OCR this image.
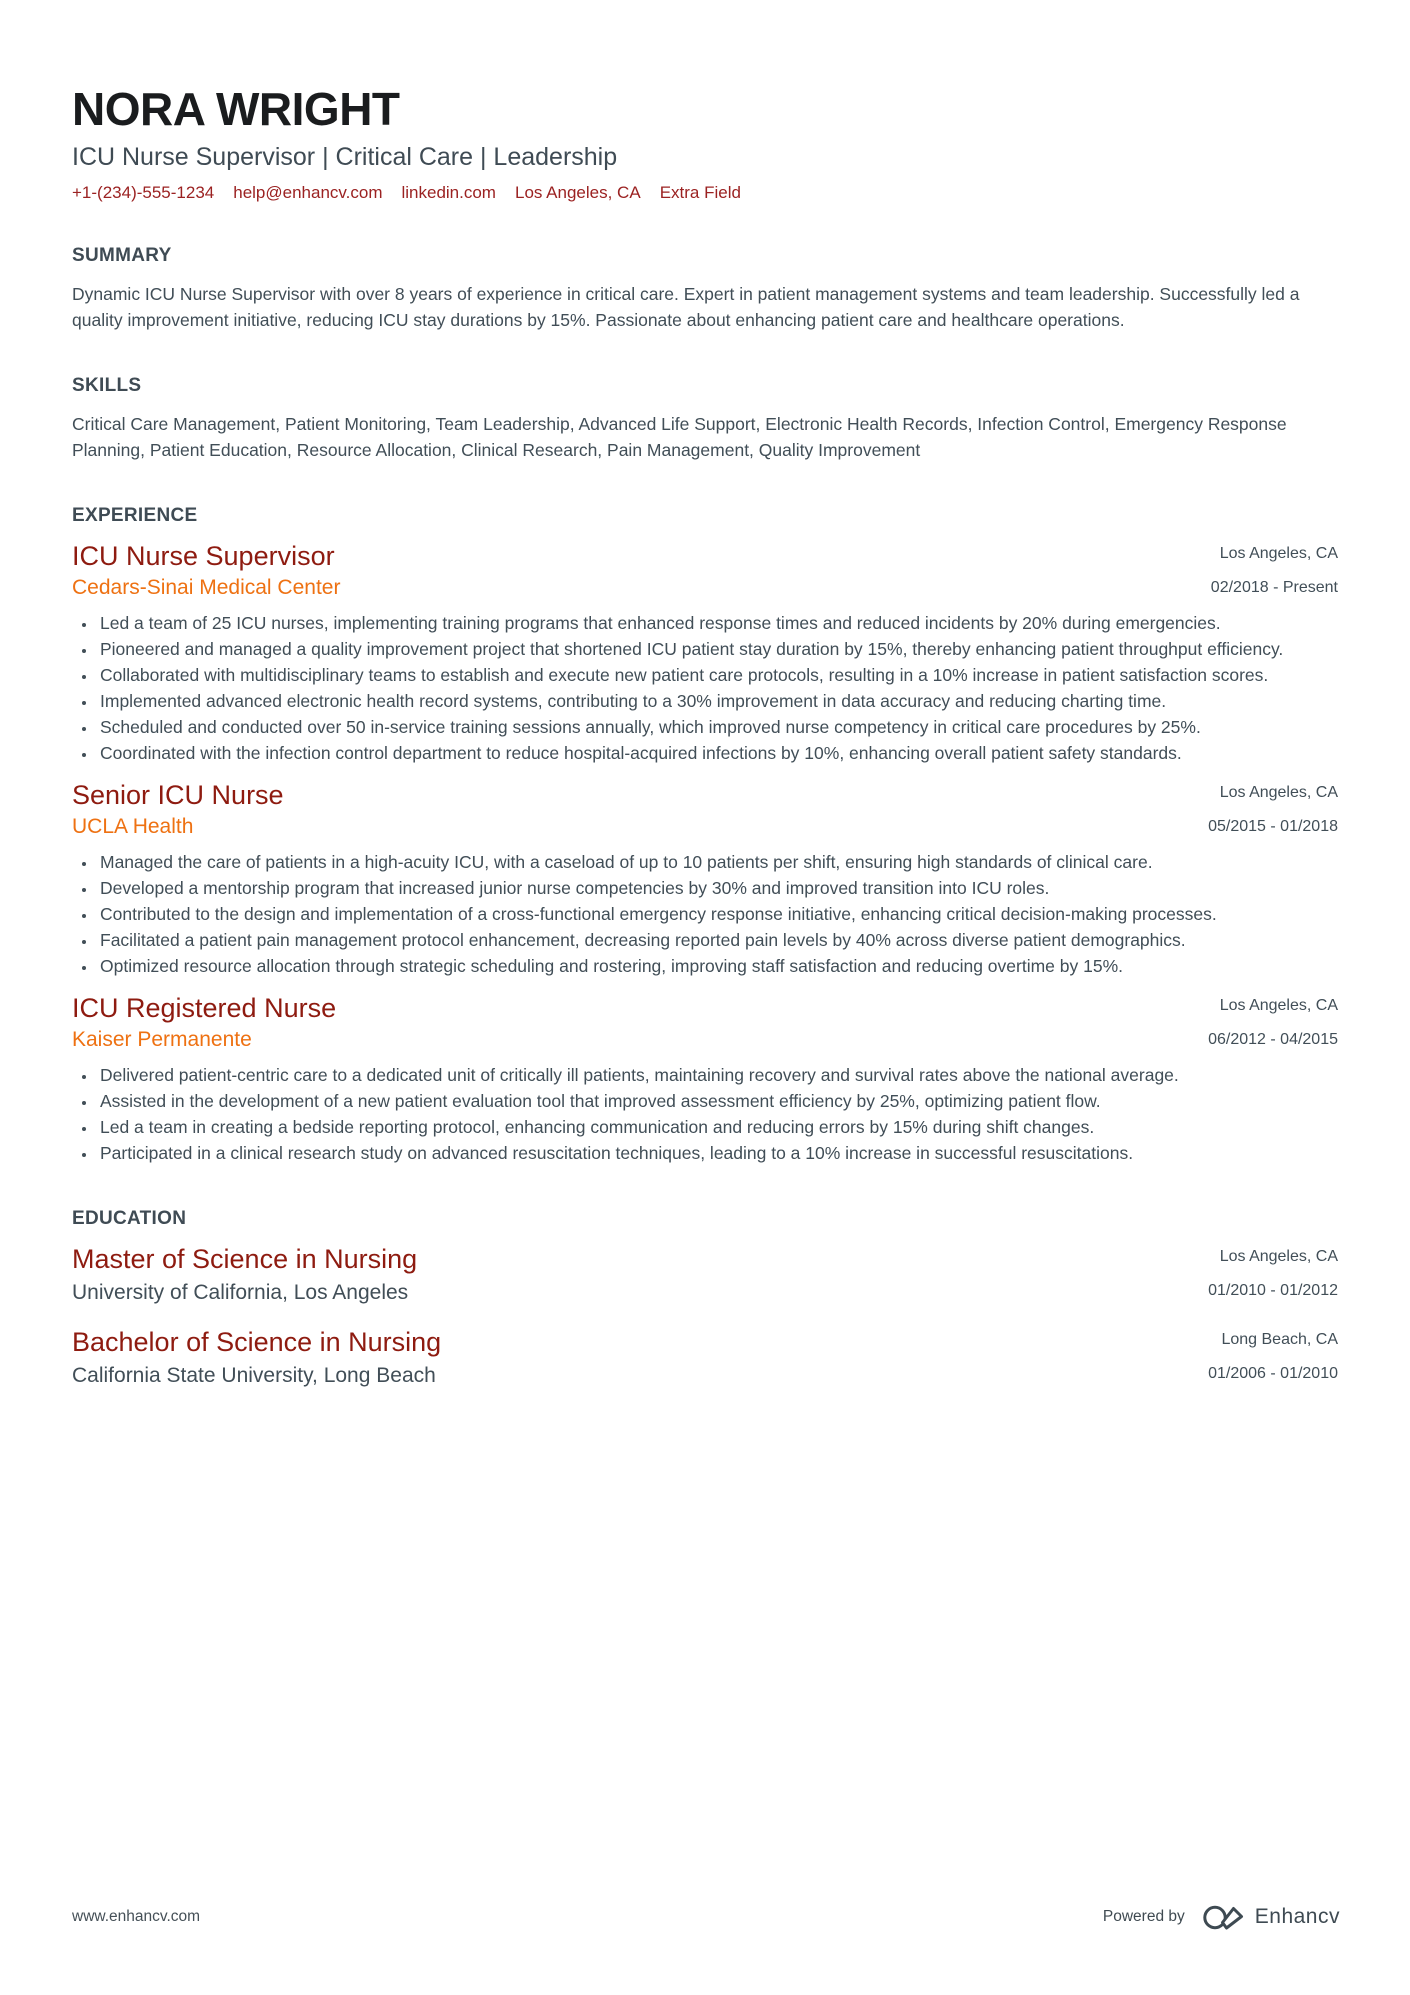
NORA WRIGHT
ICU Nurse Supervisor | Critical Care | Leadership
+1-(234)-555-1234 help@enhancv.com linkedin.com Los Angeles, CA Extra Field
SUMMARY

Dynamic ICU Nurse Supervisor with over 8 years of experience in critical care. Expert in patient management systems and team leadership. Successfully led a quality improvement initiative, reducing ICU stay durations by 15%. Passionate about enhancing patient care and healthcare operations.

SKILLS

Critical Care Management, Patient Monitoring, Team Leadership, Advanced Life Support, Electronic Health Records, Infection Control, Emergency Response Planning, Patient Education, Resource Allocation, Clinical Research, Pain Management, Quality Improvement

EXPERIENCE
ICU Nurse Supervisor
Cedars-Sinai Medical Center
Los Angeles, CA
02/2018 - Present
• Led a team of 25 ICU nurses, implementing training programs that enhanced response times and reduced incidents by 20% during emergencies.
• Pioneered and managed a quality improvement project that shortened ICU patient stay duration by 15%, thereby enhancing patient throughput efficiency.
• Collaborated with multidisciplinary teams to establish and execute new patient care protocols, resulting in a 10% increase in patient satisfaction scores.
• Implemented advanced electronic health record systems, contributing to a 30% improvement in data accuracy and reducing charting time.
• Scheduled and conducted over 50 in-service training sessions annually, which improved nurse competency in critical care procedures by 25%.
• Coordinated with the infection control department to reduce hospital-acquired infections by 10%, enhancing overall patient safety standards.
Senior ICU Nurse
UCLA Health
Los Angeles, CA
05/2015 - 01/2018
• Managed the care of patients in a high-acuity ICU, with a caseload of up to 10 patients per shift, ensuring high standards of clinical care.
• Developed a mentorship program that increased junior nurse competencies by 30% and improved transition into ICU roles.
• Contributed to the design and implementation of a cross-functional emergency response initiative, enhancing critical decision-making processes.
• Facilitated a patient pain management protocol enhancement, decreasing reported pain levels by 40% across diverse patient demographics.
• Optimized resource allocation through strategic scheduling and rostering, improving staff satisfaction and reducing overtime by 15%.
ICU Registered Nurse
Kaiser Permanente
Los Angeles, CA
06/2012 - 04/2015
• Delivered patient-centric care to a dedicated unit of critically ill patients, maintaining recovery and survival rates above the national average.
• Assisted in the development of a new patient evaluation tool that improved assessment efficiency by 25%, optimizing patient flow.
• Led a team in creating a bedside reporting protocol, enhancing communication and reducing errors by 15% during shift changes.
• Participated in a clinical research study on advanced resuscitation techniques, leading to a 10% increase in successful resuscitations.
EDUCATION
Master of Science in Nursing
University of California, Los Angeles
Los Angeles, CA
01/2010 - 01/2012
Bachelor of Science in Nursing
California State University, Long Beach
Long Beach, CA
01/2006 - 01/2010
www.enhancv.com	Powered by	Enhancv
